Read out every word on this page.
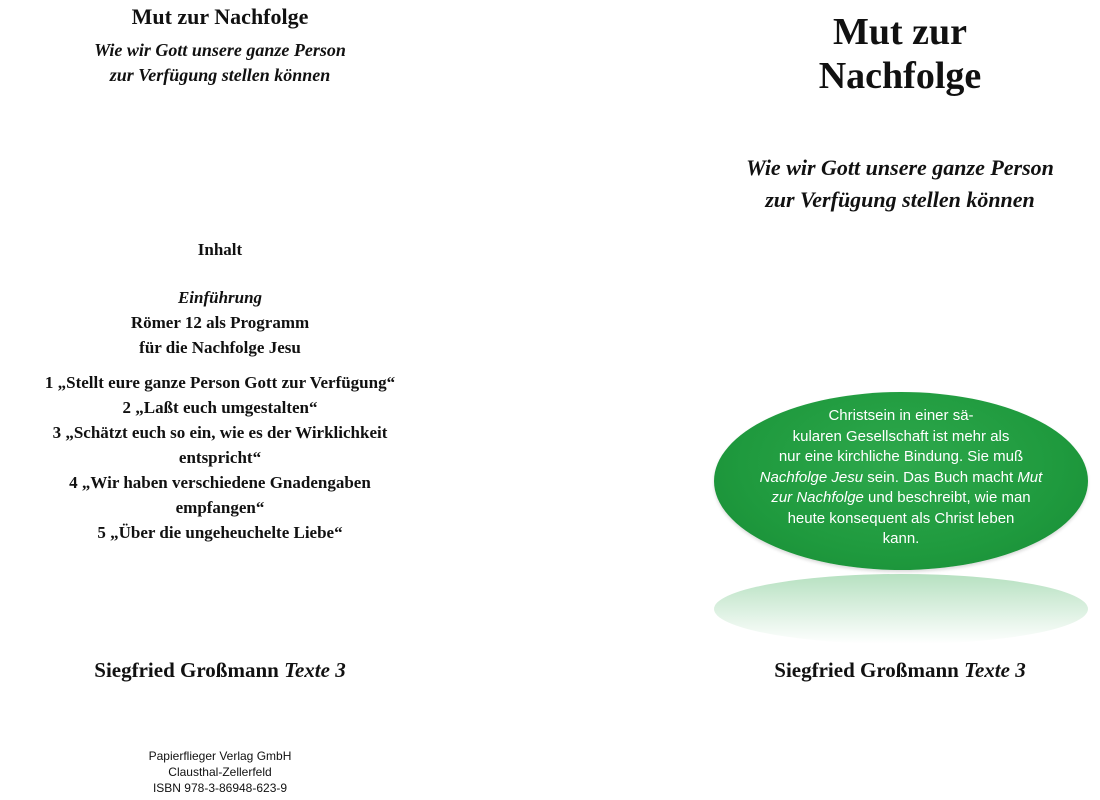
Mut zur Nachfolge
Wie wir Gott unsere ganze Person
zur Verfügung stellen können
Inhalt
Einführung
Römer 12 als Programm
für die Nachfolge Jesu
1 „Stellt eure ganze Person Gott zur Verfügung“
2 „Laßt euch umgestalten“
3 „Schätzt euch so ein, wie es der Wirklichkeit
entspricht“
4 „Wir haben verschiedene Gnadengaben
empfangen“
5 „Über die ungeheuchelte Liebe“
Siegfried Großmann Texte 3
Papierflieger Verlag GmbH
Clausthal-Zellerfeld
ISBN 978-3-86948-623-9
Mut zur
Nachfolge
Wie wir Gott unsere ganze Person
zur Verfügung stellen können
Christsein in einer sä-
kularen Gesellschaft ist mehr als
nur eine kirchliche Bindung. Sie muß
Nachfolge Jesu sein. Das Buch macht Mut
zur Nachfolge und beschreibt, wie man
heute konsequent als Christ leben
kann.
Siegfried Großmann Texte 3
